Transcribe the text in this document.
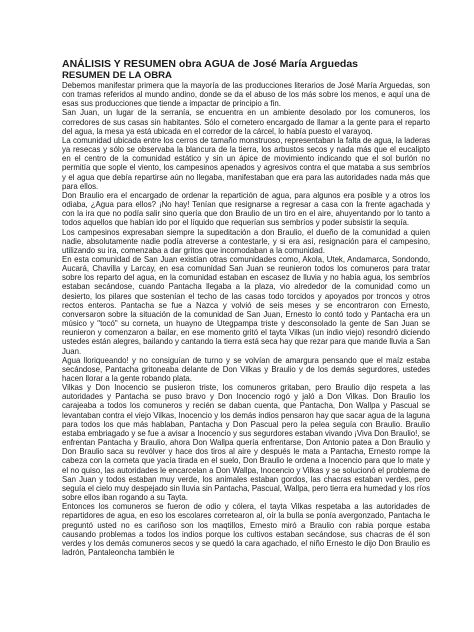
ANÁLISIS Y RESUMEN obra AGUA de José María Arguedas
RESUMEN DE LA OBRA

Debemos manifestar primera que la mayoría de las producciones literarios de José María Arguedas, son con tramas referidos al mundo andino, donde se da el abuso de los más sobre los menos, e aquí una de esas sus producciones que tiende a impactar de principio a fin.

San Juan, un lugar de la serranía, se encuentra en un ambiente desolado por los comuneros, los corredores de sus casas sin habitantes. Sólo el cornetero encargado de llamar a la gente para el reparto del agua, la mesa ya está ubicada en el corredor de la cárcel, lo había puesto el varayoq.

La comunidad ubicada entre los cerros de tamaño monstruoso, representaban la falta de agua, la laderas ya resecas y sólo se observaba la blancura de la tierra, los arbustos secos y nada más que el eucalipto en el centro de la comunidad estático y sin un ápice de movimiento indicando que el sol burlón no permitía que sople el viento, los campesinos apenados y agresivos contra el que mataba a sus sembríos y el agua que debía repartirse aún no llegaba, manifestaban que era para las autoridades nada más que para ellos.

Don Braulio era el encargado de ordenar la repartición de agua, para algunos era posible y a otros los odiaba, ¿Agua para ellos? ¡No hay! Tenían que resignarse a regresar a casa con la frente agachada y con la ira que no podía salir sino quería que don Braulio de un tiro en el aire, ahuyentando por lo tanto a todos aquellos que habían ido por el líquido que requerían sus sembríos y poder subsistir la sequía.

Los campesinos expresaban siempre la supeditación a don Braulio, el dueño de la comunidad a quien nadie, absolutamente nadie podía atreverse a contestarle, y si era así, resignación para el campesino, utilizando su ira, comenzaba a dar gritos que incomodaban a la comunidad.

En esta comunidad de San Juan existían otras comunidades como, Akola, Utek, Andamarca, Sondondo, Aucará, Chavilla y Larcay, en esa comunidad San Juan se reunieron todos los comuneros para tratar sobre los reparto del agua, en la comunidad estaban en escasez de lluvia y no había agua, los sembríos estaban secándose, cuando Pantacha llegaba a la plaza, vio alrededor de la comunidad como un desierto, los pilares que sostenían el techo de las casas todo torcidos y apoyados por troncos y otros rectos enteros. Pantacha se fue a Nazca y volvió de seis meses y se encontraron con Ernesto, conversaron sobre la situación de la comunidad de San Juan, Ernesto lo contó todo y Pantacha era un músico y "tocó" su corneta, un huayno de Utegpampa triste y desconsolado la gente de San Juan se reunieron y comenzaron a bailar, en ese momento gritó el tayta Vilkas (un indio viejo) resondró diciendo ustedes están alegres, bailando y cantando la tierra está seca hay que rezar para que mande lluvia a San Juan.

Agua lloriqueando! y no consiguían de turno y se volvían de amargura pensando que el maíz estaba secándose, Pantacha gritoneaba delante de Don Vilkas y Braulio y de los demás segurdores, ustedes hacen llorar a la gente robando plata.

Vilkas y Don Inocencio se pusieron triste, los comuneros gritaban, pero Braulio dijo respeta a las autoridades y Pantacha se puso bravo y Don Inocencio rogó y jaló a Don Vilkas. Don Braulio los carajeaba a todos los comuneros y recién se daban cuenta, que Pantacha, Don Wallpa y Pascual se levantaban contra el viejo Vilkas, Inocencio y los demás indios pensaron hay que sacar agua de la laguna para todos los que más hablaban, Pantacha y Don Pascual pero la pelea seguía con Braulio. Braulio estaba embriagado y se fue a avisar a Inocencio y sus segurdores estaban vivando ¡Viva Don Braulio!, se enfrentan Pantacha y Braulio, ahora Don Wallpa quería enfrentarse, Don Antonio patea a Don Braulio y Don Braulio saca su revólver y hace dos tiros al aire y después le mata a Pantacha, Ernesto rompe la cabeza con la corneta que yacía tirada en el suelo, Don Braulio le ordena a Inocencio para que lo mate y el no quiso, las autoridades le encarcelan a Don Wallpa, Inocencio y Vilkas y se solucionó el problema de San Juan y todos estaban muy verde, los animales estaban gordos, las chacras estaban verdes, pero seguía el cielo muy despejado sin lluvia sin Pantacha, Pascual, Wallpa, pero tierra era humedad y los ríos sobre ellos iban rogando a su Tayta.

Entonces los comuneros se fueron de odio y cólera, el tayta Vilkas respetaba a las autoridades de repartidores de agua, en eso los escolares corretearon al, oír la bulla se ponía avergonzado, Pantacha le preguntó usted no es cariñoso son los maqtillos, Ernesto miró a Braulio con rabia porque estaba causando problemas a todos los indios porque los cultivos estaban secándose, sus chacras de él son verdes y los demás comuneros secos y se quedó la cara agachado, el niño Ernesto le dijo Don Braulio es ladrón, Pantaleoncha también le
